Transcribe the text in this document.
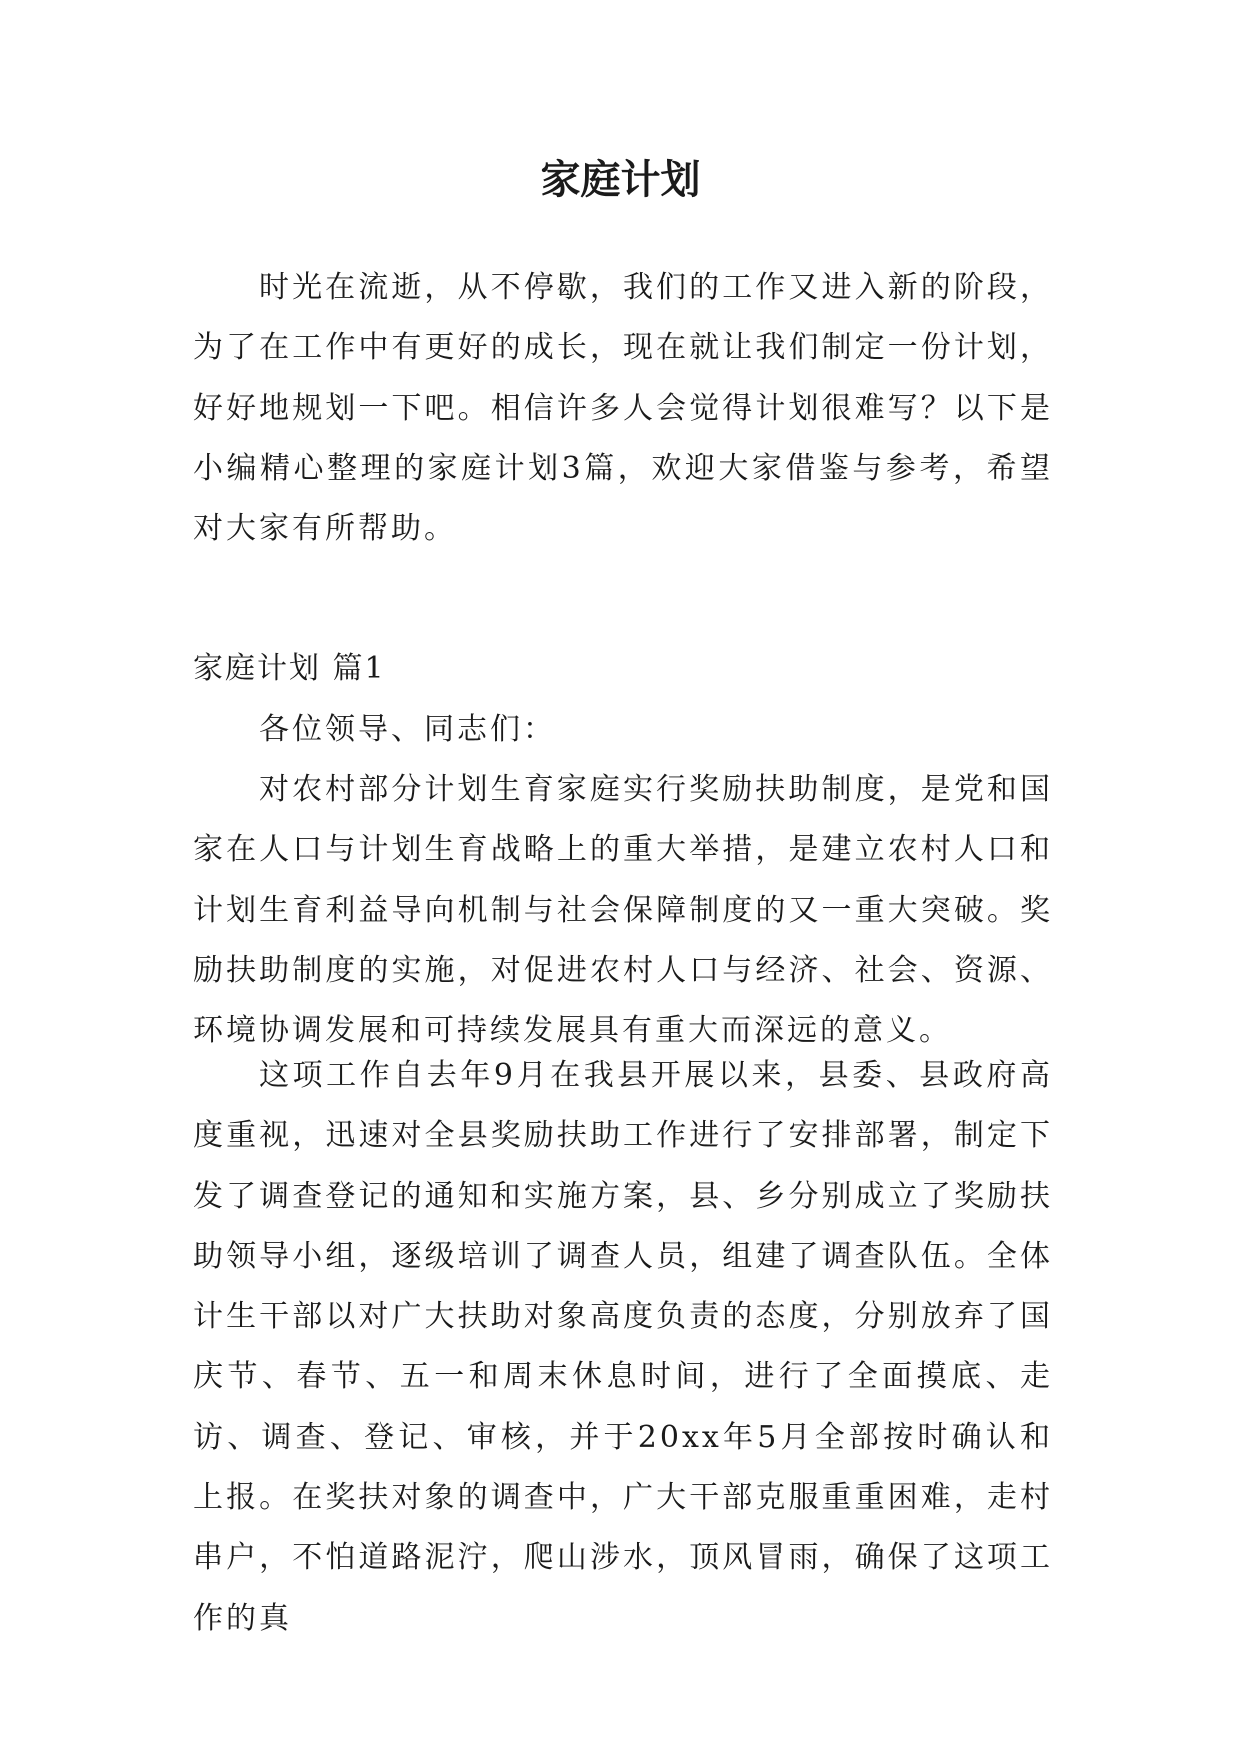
家庭计划

时光在流逝，从不停歇，我们的工作又进入新的阶段，为了在工作中有更好的成长，现在就让我们制定一份计划，好好地规划一下吧。相信许多人会觉得计划很难写？以下是小编精心整理的家庭计划3篇，欢迎大家借鉴与参考，希望对大家有所帮助。

家庭计划 篇1

各位领导、同志们：

对农村部分计划生育家庭实行奖励扶助制度，是党和国家在人口与计划生育战略上的重大举措，是建立农村人口和计划生育利益导向机制与社会保障制度的又一重大突破。奖励扶助制度的实施，对促进农村人口与经济、社会、资源、环境协调发展和可持续发展具有重大而深远的意义。

这项工作自去年9月在我县开展以来，县委、县政府高度重视，迅速对全县奖励扶助工作进行了安排部署，制定下发了调查登记的通知和实施方案，县、乡分别成立了奖励扶助领导小组，逐级培训了调查人员，组建了调查队伍。全体计生干部以对广大扶助对象高度负责的态度，分别放弃了国庆节、春节、五一和周末休息时间，进行了全面摸底、走访、调查、登记、审核，并于20xx年5月全部按时确认和上报。在奖扶对象的调查中，广大干部克服重重困难，走村串户，不怕道路泥泞，爬山涉水，顶风冒雨，确保了这项工作的真
